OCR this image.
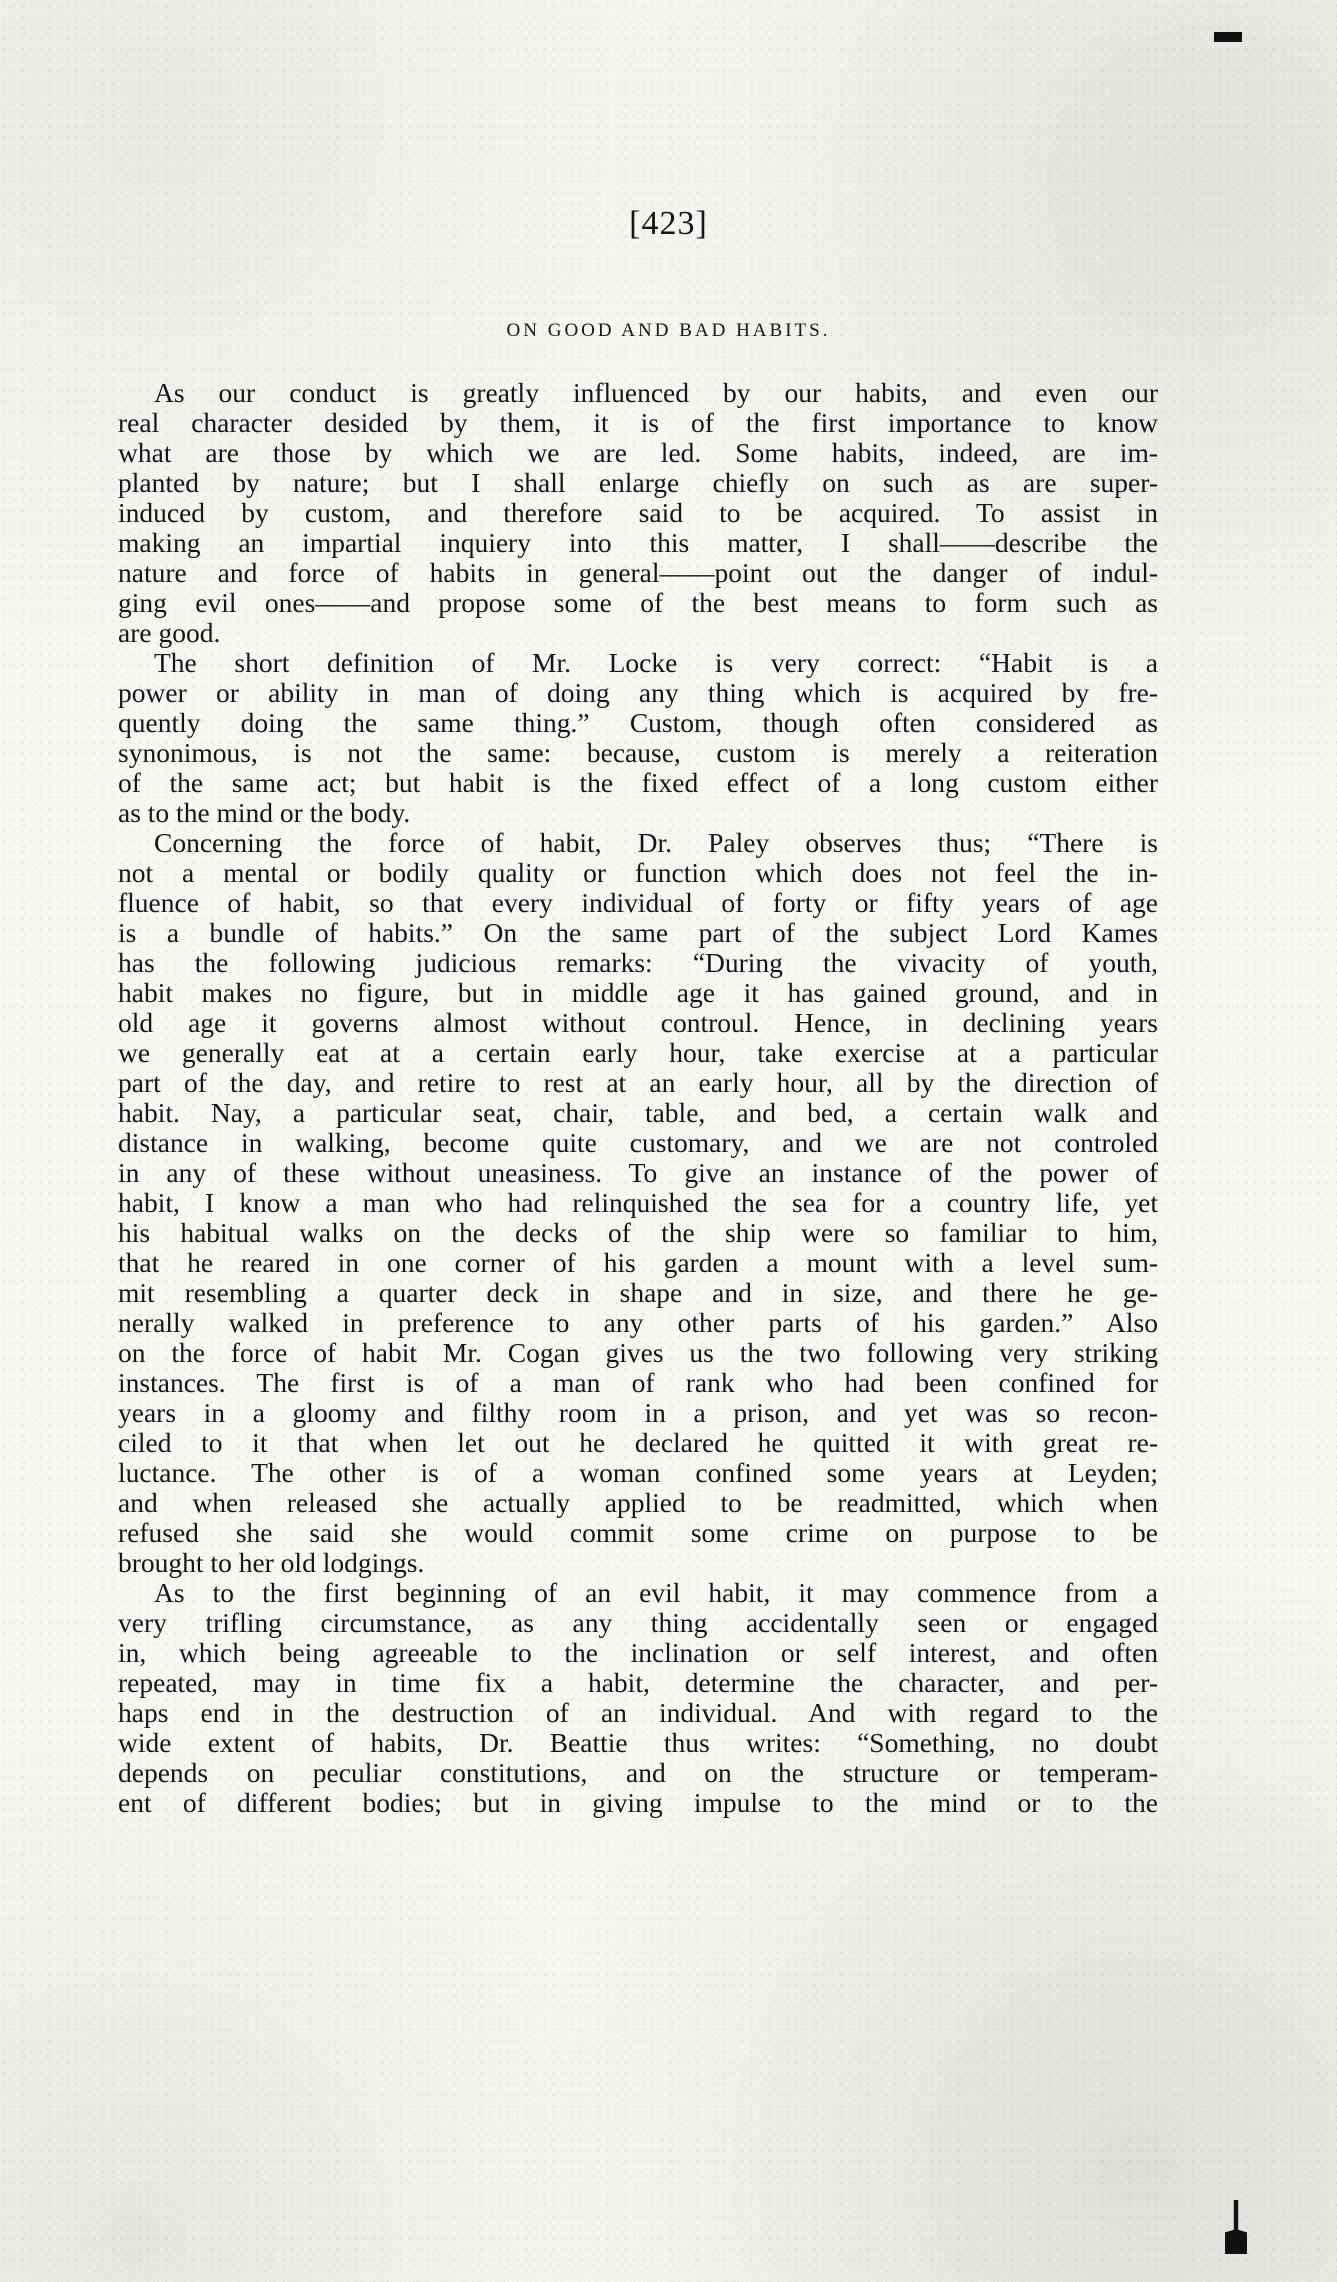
[423]
ON GOOD AND BAD HABITS.
As our conduct is greatly influenced by our habits, and even our
real character desided by them, it is of the first importance to know
what are those by which we are led. Some habits, indeed, are im-
planted by nature; but I shall enlarge chiefly on such as are super-
induced by custom, and therefore said to be acquired. To assist in
making an impartial inquiery into this matter, I shall——describe the
nature and force of habits in general——point out the danger of indul-
ging evil ones——and propose some of the best means to form such as
are good.
The short definition of Mr. Locke is very correct: “Habit is a
power or ability in man of doing any thing which is acquired by fre-
quently doing the same thing.” Custom, though often considered as
synonimous, is not the same: because, custom is merely a reiteration
of the same act; but habit is the fixed effect of a long custom either
as to the mind or the body.
Concerning the force of habit, Dr. Paley observes thus; “There is
not a mental or bodily quality or function which does not feel the in-
fluence of habit, so that every individual of forty or fifty years of age
is a bundle of habits.” On the same part of the subject Lord Kames
has the following judicious remarks: “During the vivacity of youth,
habit makes no figure, but in middle age it has gained ground, and in
old age it governs almost without controul. Hence, in declining years
we generally eat at a certain early hour, take exercise at a particular
part of the day, and retire to rest at an early hour, all by the direction of
habit. Nay, a particular seat, chair, table, and bed, a certain walk and
distance in walking, become quite customary, and we are not controled
in any of these without uneasiness. To give an instance of the power of
habit, I know a man who had relinquished the sea for a country life, yet
his habitual walks on the decks of the ship were so familiar to him,
that he reared in one corner of his garden a mount with a level sum-
mit resembling a quarter deck in shape and in size, and there he ge-
nerally walked in preference to any other parts of his garden.” Also
on the force of habit Mr. Cogan gives us the two following very striking
instances. The first is of a man of rank who had been confined for
years in a gloomy and filthy room in a prison, and yet was so recon-
ciled to it that when let out he declared he quitted it with great re-
luctance. The other is of a woman confined some years at Leyden;
and when released she actually applied to be readmitted, which when
refused she said she would commit some crime on purpose to be
brought to her old lodgings.
As to the first beginning of an evil habit, it may commence from a
very trifling circumstance, as any thing accidentally seen or engaged
in, which being agreeable to the inclination or self interest, and often
repeated, may in time fix a habit, determine the character, and per-
haps end in the destruction of an individual. And with regard to the
wide extent of habits, Dr. Beattie thus writes: “Something, no doubt
depends on peculiar constitutions, and on the structure or temperam-
ent of different bodies; but in giving impulse to the mind or to the
